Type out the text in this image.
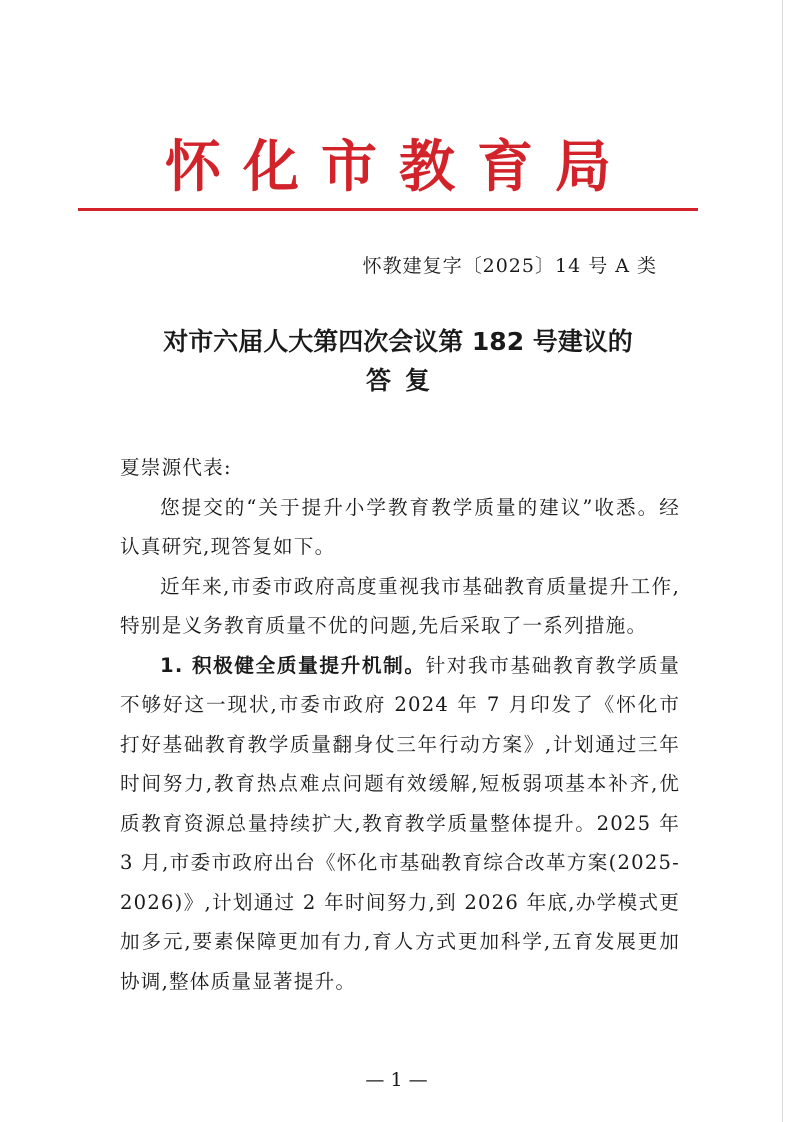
怀化市教育局
怀教建复字〔2025〕14 号 A 类
对市六届人大第四次会议第 182 号建议的
答复

夏崇源代表:

您提交的“关于提升小学教育教学质量的建议”收悉。经认真研究,现答复如下。

近年来,市委市政府高度重视我市基础教育质量提升工作,特别是义务教育质量不优的问题,先后采取了一系列措施。

1. 积极健全质量提升机制。针对我市基础教育教学质量不够好这一现状,市委市政府 2024 年 7 月印发了《怀化市打好基础教育教学质量翻身仗三年行动方案》,计划通过三年时间努力,教育热点难点问题有效缓解,短板弱项基本补齐,优质教育资源总量持续扩大,教育教学质量整体提升。2025 年 3 月,市委市政府出台《怀化市基础教育综合改革方案(2025-2026)》,计划通过 2 年时间努力,到 2026 年底,办学模式更加多元,要素保障更加有力,育人方式更加科学,五育发展更加协调,整体质量显著提升。

— 1 —
